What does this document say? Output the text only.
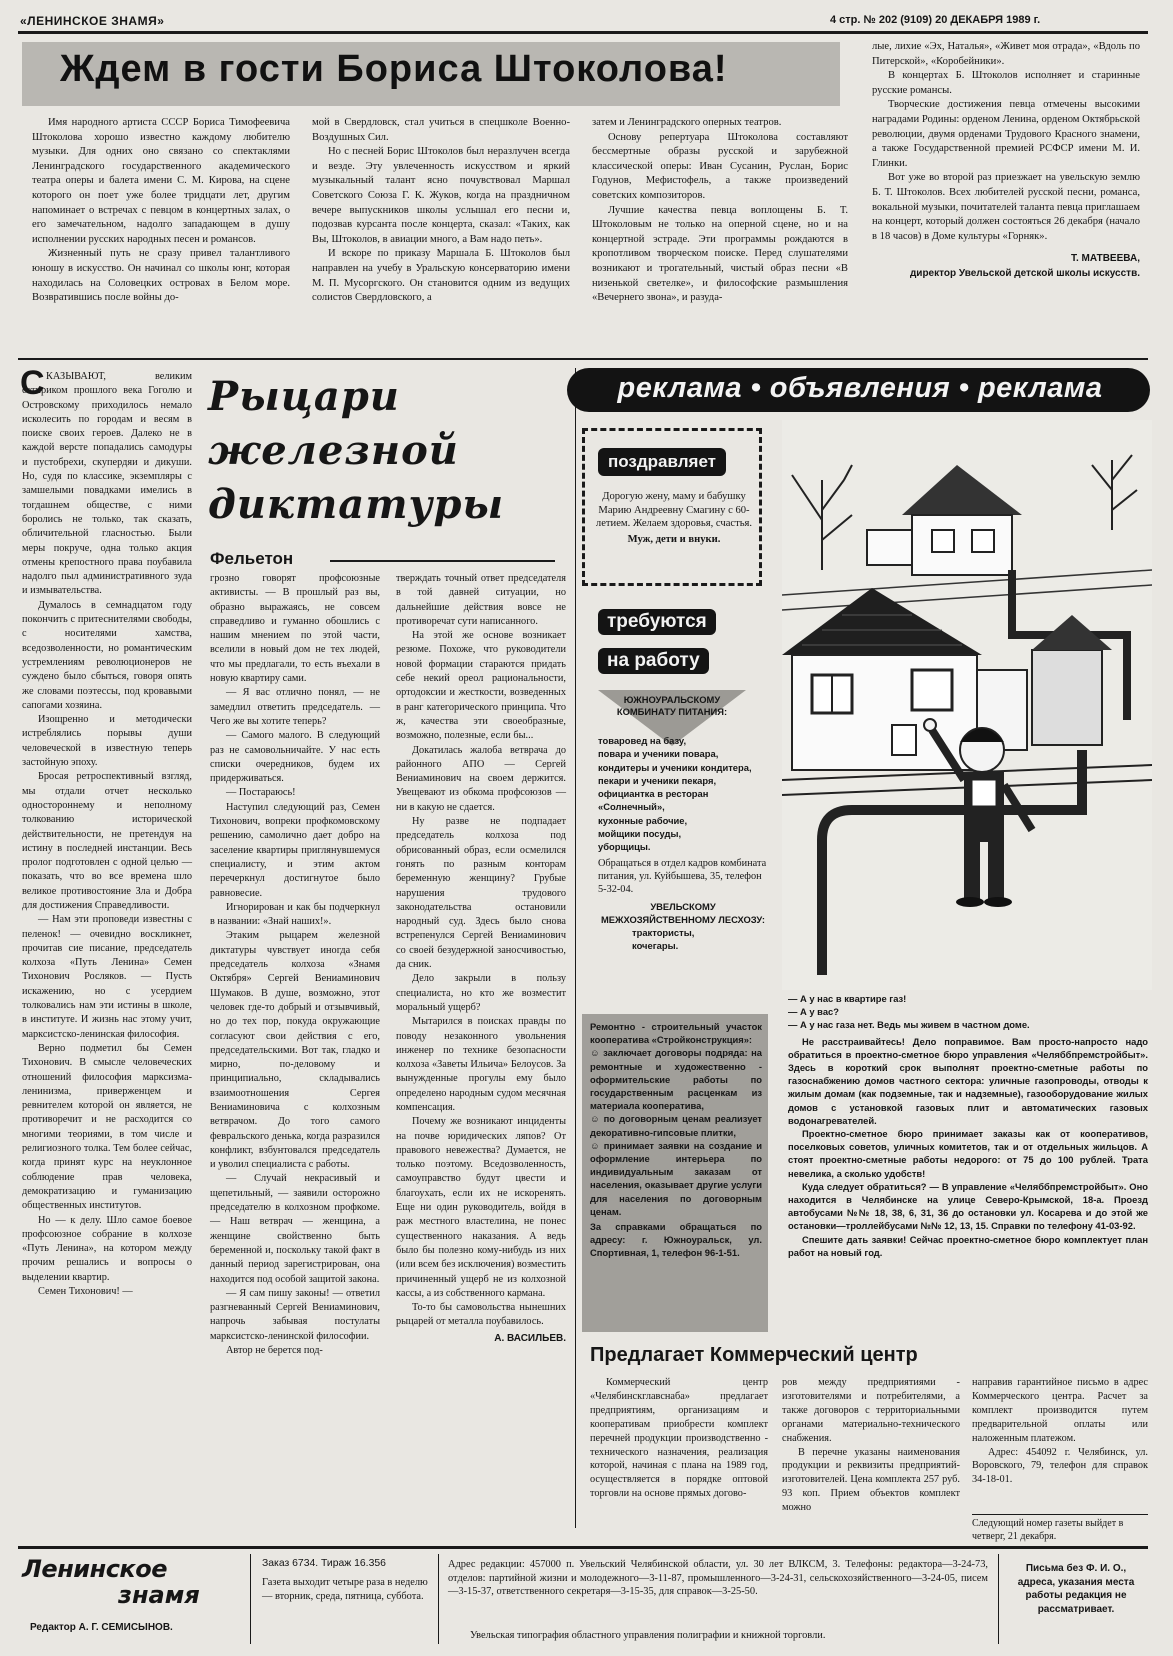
«ЛЕНИНСКОЕ ЗНАМЯ»	4 стр. № 202 (9109) 20 ДЕКАБРЯ 1989 г.
Ждем в гости Бориса Штоколова!

Имя народного артиста СССР Бориса Тимофеевича Штоколова хорошо известно каждому любителю музыки. Для одних оно связано со спектаклями Ленинградского государственного академического театра оперы и балета имени С. М. Кирова, на сцене которого он поет уже более тридцати лет, другим напоминает о встречах с певцом в концертных залах, о его замечательном, надолго западающем в душу исполнении русских народных песен и романсов.

Жизненный путь не сразу привел талантливого юношу в искусство. Он начинал со школы юнг, которая находилась на Соловецких островах в Белом море. Возвратившись после войны до-

мой в Свердловск, стал учиться в спецшколе Военно-Воздушных Сил.

Но с песней Борис Штоколов был неразлучен всегда и везде. Эту увлеченность искусством и яркий музыкальный талант ясно почувствовал Маршал Советского Союза Г. К. Жуков, когда на праздничном вечере выпускников школы услышал его песни и, подозвав курсанта после концерта, сказал: «Таких, как Вы, Штоколов, в авиации много, а Вам надо петь».

И вскоре по приказу Маршала Б. Штоколов был направлен на учебу в Уральскую консерваторию имени М. П. Мусоргского. Он становится одним из ведущих солистов Свердловского, а

затем и Ленинградского оперных театров.

Основу репертуара Штоколова составляют бессмертные образы русской и зарубежной классической оперы: Иван Сусанин, Руслан, Борис Годунов, Мефистофель, а также произведений советских композиторов.

Лучшие качества певца воплощены Б. Т. Штоколовым не только на оперной сцене, но и на концертной эстраде. Эти программы рождаются в кропотливом творческом поиске. Перед слушателями возникают и трогательный, чистый образ песни «В низенькой светелке», и философские размышления «Вечернего звона», и разуда-

лые, лихие «Эх, Наталья», «Живет моя отрада», «Вдоль по Питерской», «Коробейники».

В концертах Б. Штоколов исполняет и старинные русские романсы.

Творческие достижения певца отмечены высокими наградами Родины: орденом Ленина, орденом Октябрьской революции, двумя орденами Трудового Красного знамени, а также Государственной премией РСФСР имени М. И. Глинки.

Вот уже во второй раз приезжает на увельскую землю Б. Т. Штоколов. Всех любителей русской песни, романса, вокальной музыки, почитателей таланта певца приглашаем на концерт, который должен состояться 26 декабря (начало в 18 часов) в Доме культуры «Горняк».

Т. МАТВЕЕВА,
директор Увельской детской школы искусств.
С КАЗЫВАЮТ, великим сатириком прошлого века Гоголю и Островскому приходилось немало исколесить по городам и весям в поиске своих героев. Далеко не в каждой версте попадались самодуры и пустобрехи, скупердяи и дикуши. Но, судя по классике, экземпляры с замшелыми повадками имелись в тогдашнем обществе, с ними боролись не только, так сказать, обличительной гласностью. Были меры покруче, одна только акция отмены крепостного права поубавила надолго пыл административного зуда и измывательства.

Думалось в семнадцатом году покончить с притеснителями свободы, с носителями хамства, вседозволенности, но романтическим устремлениям революционеров не суждено было сбыться, говоря опять же словами поэтессы, под кровавыми сапогами хозяина.

Изощренно и методически истреблялись порывы души человеческой в известную теперь застойную эпоху.

Бросая ретроспективный взгляд, мы отдали отчет несколько одностороннему и неполному толкованию исторической действительности, не претендуя на истину в последней инстанции. Весь пролог подготовлен с одной целью — показать, что во все времена шло великое противостояние Зла и Добра для достижения Справедливости.

— Нам эти проповеди известны с пеленок! — очевидно воскликнет, прочитав сие писание, председатель колхоза «Путь Ленина» Семен Тихонович Росляков. — Пусть искажению, но с усердием толковались нам эти истины в школе, в институте. И жизнь нас этому учит, марксистско-ленинская философия.

Верно подметил бы Семен Тихонович. В смысле человеческих отношений философия марксизма-ленинизма, приверженцем и ревнителем которой он является, не противоречит и не расходится со многими теориями, в том числе и религиозного толка. Тем более сейчас, когда принят курс на неуклонное соблюдение прав человека, демократизацию и гуманизацию общественных институтов.

Но — к делу. Шло самое боевое профсоюзное собрание в колхозе «Путь Ленина», на котором между прочим решались и вопросы о выделении квартир.

Семен Тихонович! —

Рыцари
железной
диктатуры
Фельетон

грозно говорят профсоюзные активисты. — В прошлый раз вы, образно выражаясь, не совсем справедливо и гуманно обошлись с нашим мнением по этой части, вселили в новый дом не тех людей, что мы предлагали, то есть въехали в новую квартиру сами.

— Я вас отлично понял, — не замедлил ответить председатель. — Чего же вы хотите теперь?

— Самого малого. В следующий раз не самовольничайте. У нас есть списки очередников, будем их придерживаться.

— Постараюсь!

Наступил следующий раз, Семен Тихонович, вопреки профкомовскому решению, самолично дает добро на заселение квартиры приглянувшемуся специалисту, и этим актом перечеркнул достигнутое было равновесие.

Игнорирован и как бы подчеркнул в названии: «Знай наших!».

Этаким рыцарем железной диктатуры чувствует иногда себя председатель колхоза «Знамя Октября» Сергей Вениаминович Шумаков. В душе, возможно, этот человек где-то добрый и отзывчивый, но до тех пор, покуда окружающие согласуют свои действия с его, председательскими. Вот так, гладко и мирно, по-деловому и принципиально, складывались взаимоотношения Сергея Вениаминовича с колхозным ветврачом. До того самого февральского денька, когда разразился конфликт, взбунтовался председатель и уволил специалиста с работы.

— Случай некрасивый и щепетильный, — заявили осторожно председателю в колхозном профкоме. — Наш ветврач — женщина, а женщине свойственно быть беременной и, поскольку такой факт в данный период зарегистрирован, она находится под особой защитой закона.

— Я сам пишу законы! — ответил разгневанный Сергей Вениаминович, напрочь забывая постулаты марксистско-ленинской философии.

Автор не берется под-

тверждать точный ответ председателя в той давней ситуации, но дальнейшие действия вовсе не противоречат сути написанного.

На этой же основе возникает резюме. Похоже, что руководители новой формации стараются придать себе некий ореол рациональности, ортодоксии и жесткости, возведенных в ранг категорического принципа. Что ж, качества эти своеобразные, возможно, полезные, если бы...

Докатилась жалоба ветврача до районного АПО — Сергей Вениаминович на своем держится. Увещевают из обкома профсоюзов — ни в какую не сдается.

Ну разве не подпадает председатель колхоза под обрисованный образ, если осмелился гонять по разным конторам беременную женщину? Грубые нарушения трудового законодательства остановили народный суд. Здесь было снова встрепенулся Сергей Вениаминович со своей безудержной заносчивостью, да сник.

Дело закрыли в пользу специалиста, но кто же возместит моральный ущерб?

Мытарился в поисках правды по поводу незаконного увольнения инженер по технике безопасности колхоза «Заветы Ильича» Белоусов. За вынужденные прогулы ему было определено народным судом месячная компенсация.

Почему же возникают инциденты на почве юридических ляпов? От правового невежества? Думается, не только поэтому. Вседозволенность, самоуправство будут цвести и благоухать, если их не искоренять. Еще ни один руководитель, войдя в раж местного властелина, не понес существенного наказания. А ведь было бы полезно кому-нибудь из них (или всем без исключения) возместить причиненный ущерб не из колхозной кассы, а из собственного кармана.

То-то бы самовольства нынешних рыцарей от металла поубавилось.

А. ВАСИЛЬЕВ.
реклама • объявления • реклама
поздравляет
Дорогую жену, маму и бабушку Марию Андреевну Смагину с 60-летием. Желаем здоровья, счастья.
Муж, дети и внуки.
требуются
на работу
ЮЖНОУРАЛЬСКОМУ КОМБИНАТУ ПИТАНИЯ:
товаровед на базу,
повара и ученики повара,
кондитеры и ученики кондитера,
пекари и ученики пекаря,
официантка в ресторан «Солнечный»,
кухонные рабочие,
мойщики посуды,
уборщицы.
Обращаться в отдел кадров комбината питания, ул. Куйбышева, 35, телефон 5-32-04.
УВЕЛЬСКОМУ МЕЖХОЗЯЙСТВЕННОМУ ЛЕСХОЗУ:
трактористы,
кочегары.
Ремонтно - строительный участок кооператива «Стройконструкция»:
☺ заключает договоры подряда: на ремонтные и художественно - оформительские работы по государственным расценкам из материала кооператива,
☺ по договорным ценам реализует декоративно-гипсовые плитки,
☺ принимает заявки на создание и оформление интерьера по индивидуальным заказам от населения, оказывает другие услуги для населения по договорным ценам.
За справками обращаться по адресу: г. Южноуральск, ул. Спортивная, 1, телефон 96-1-51.
— А у нас в квартире газ!
— А у вас?
— А у нас газа нет. Ведь мы живем в частном доме.
Не расстраивайтесь! Дело поправимое. Вам просто-напросто надо обратиться в проектно-сметное бюро управления «Челяббпремстройбыт». Здесь в короткий срок выполнят проектно-сметные работы по газоснабжению домов частного сектора: уличные газопроводы, отводы к жилым домам (как подземные, так и надземные), газооборудование жилых домов с установкой газовых плит и автоматических газовых водонагревателей.
Проектно-сметное бюро принимает заказы как от кооперативов, поселковых советов, уличных комитетов, так и от отдельных жильцов. А стоят проектно-сметные работы недорого: от 75 до 100 рублей. Трата невелика, а сколько удобств!
Куда следует обратиться? — В управление «Челяббпремстройбыт». Оно находится в Челябинске на улице Северо-Крымской, 18-а. Проезд автобусами №№ 18, 38, 6, 31, 36 до остановки ул. Косарева и до этой же остановки—троллейбусами №№ 12, 13, 15. Справки по телефону 41-03-92.
Спешите дать заявки! Сейчас проектно-сметное бюро комплектует план работ на новый год.
Предлагает Коммерческий центр

Коммерческий центр «Челябинскглавснаба» предлагает предприятиям, организациям и кооперативам приобрести комплект перечней продукции производственно - технического назначения, реализация которой, начиная с плана на 1989 год, осуществляется в порядке оптовой торговли на основе прямых догово-

ров между предприятиями - изготовителями и потребителями, а также договоров с территориальными органами материально-технического снабжения.

В перечне указаны наименования продукции и реквизиты предприятий-изготовителей. Цена комплекта 257 руб. 93 коп. Прием объектов комплект можно

направив гарантийное письмо в адрес Коммерческого центра. Расчет за комплект производится путем предварительной оплаты или наложенным платежом.

Адрес: 454092 г. Челябинск, ул. Воровского, 79, телефон для справок 34-18-01.

Следующий номер газеты выйдет в четверг, 21 декабря.
Ленинское
знамя
Редактор А. Г. СЕМИСЫНОВ.
Заказ 6734. Тираж 16.356
Газета выходит четыре раза в неделю — вторник, среда, пятница, суббота.
Адрес редакции: 457000 п. Увельский Челябинской области, ул. 30 лет ВЛКСМ, 3. Телефоны: редактора—3-24-73, отделов: партийной жизни и молодежного—3-11-87, промышленного—3-24-31, сельскохозяйственного—3-24-05, писем—3-15-37, ответственного секретаря—3-15-35, для справок—3-25-50.
Увельская типография областного управления полиграфии и книжной торговли.
Письма без Ф. И. О., адреса, указания места работы редакция не рассматривает.
